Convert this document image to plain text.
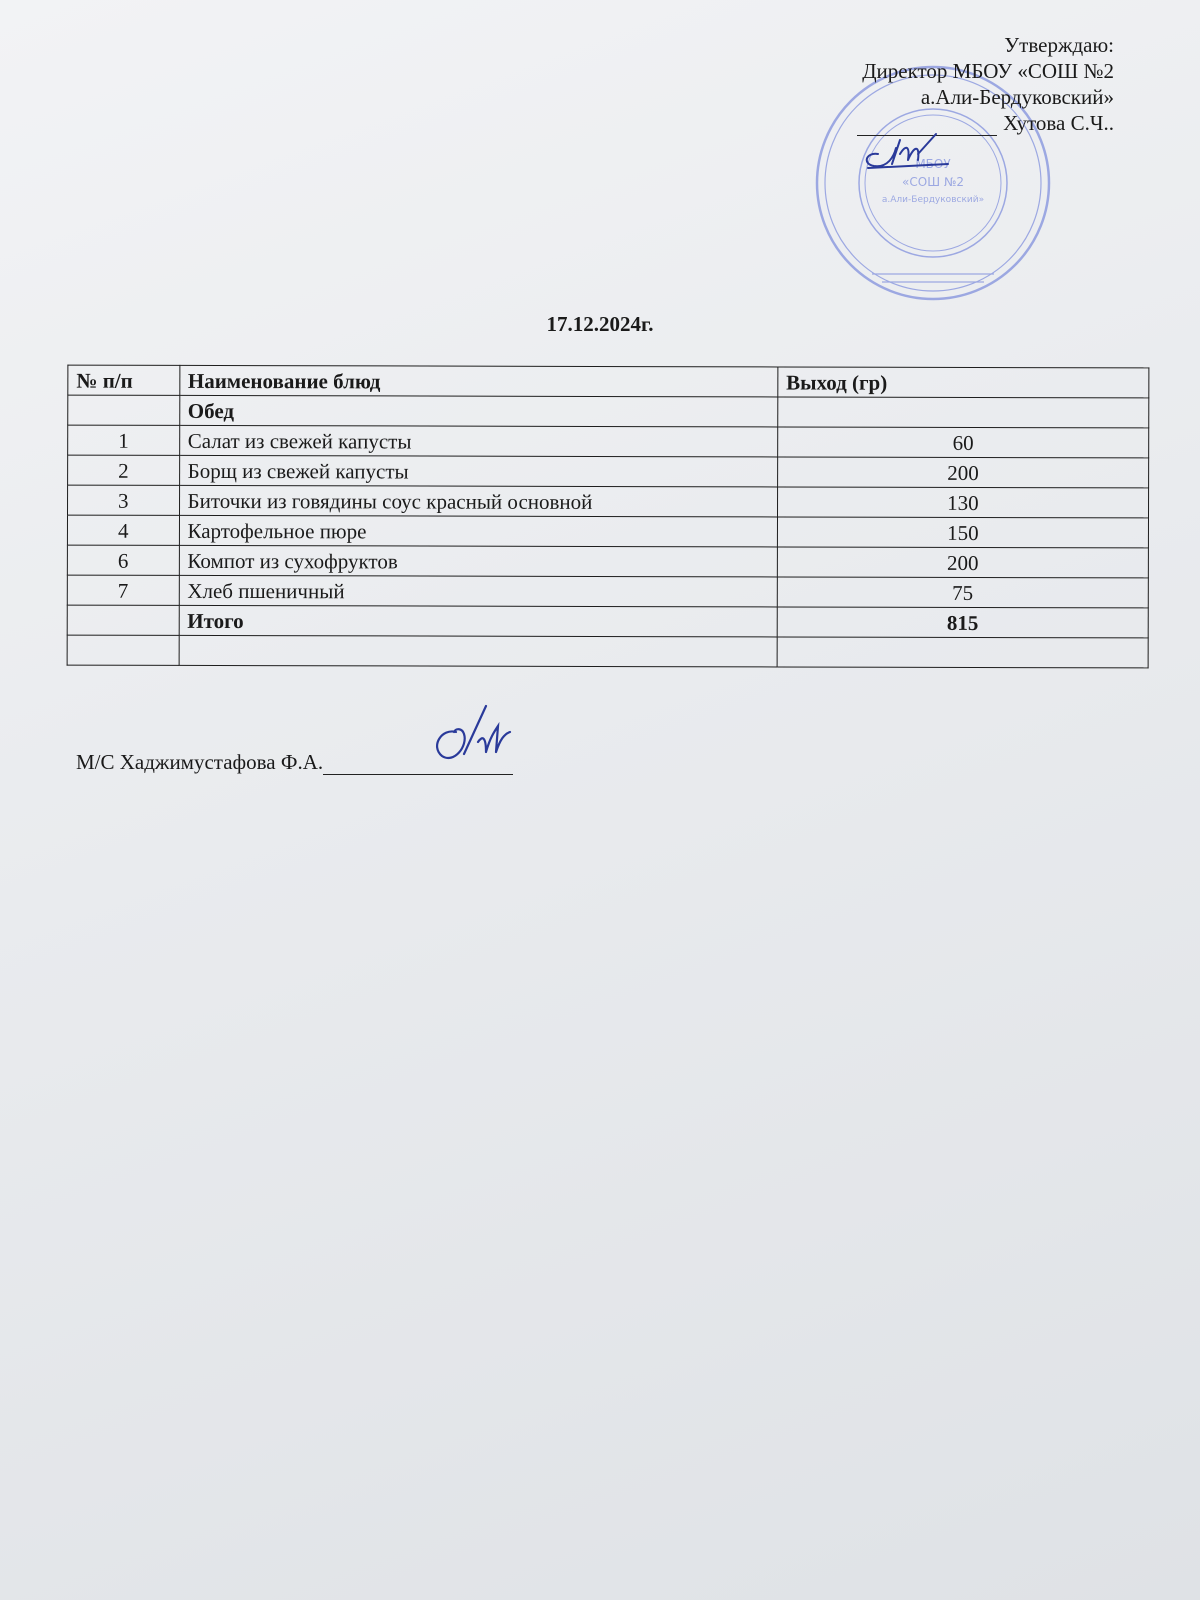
МБОУ
«СОШ №2
а.Али-Бердуковский»
Утверждаю:
Директор МБОУ «СОШ №2
а.Али-Бердуковский»
Хутова С.Ч..
17.12.2024г.
№ п/п	Наименование блюд	Выход (гр)
	Обед	
1	Салат из свежей капусты	60
2	Борщ из свежей капусты	200
3	Биточки из говядины соус красный основной	130
4	Картофельное пюре	150
6	Компот из сухофруктов	200
7	Хлеб пшеничный	75
	Итого	815

М/С Хаджимустафова Ф.А.
